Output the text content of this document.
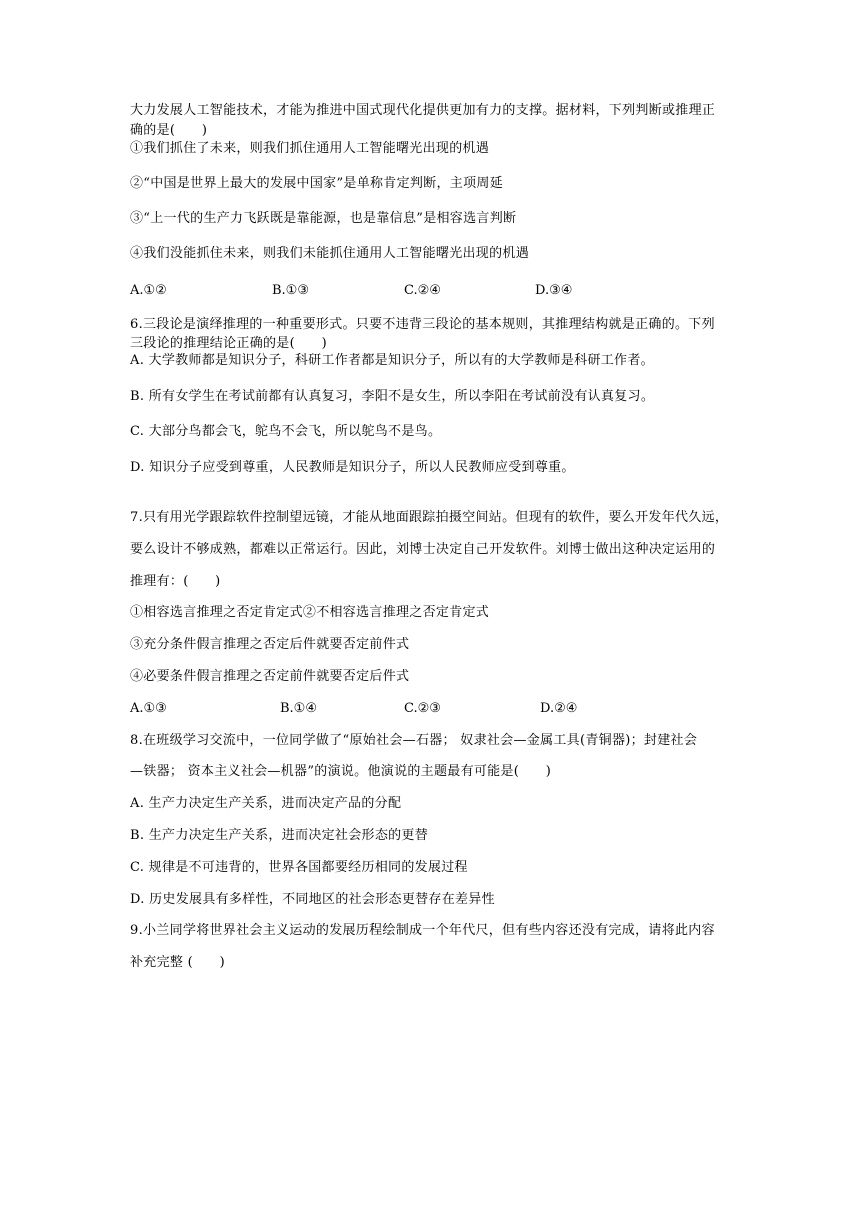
大力发展人工智能技术，才能为推进中国式现代化提供更加有力的支撑。据材料，下列判断或推理正
确的是(　　)
①我们抓住了未来，则我们抓住通用人工智能曙光出现的机遇
②“中国是世界上最大的发展中国家”是单称肯定判断，主项周延
③“上一代的生产力飞跃既是靠能源，也是靠信息”是相容选言判断
④我们没能抓住未来，则我们未能抓住通用人工智能曙光出现的机遇
A.①②	B.①③	C.②④	D.③④
6.三段论是演绎推理的一种重要形式。只要不违背三段论的基本规则，其推理结构就是正确的。下列
三段论的推理结论正确的是(　　)
A. 大学教师都是知识分子，科研工作者都是知识分子，所以有的大学教师是科研工作者。
B. 所有女学生在考试前都有认真复习，李阳不是女生，所以李阳在考试前没有认真复习。
C. 大部分鸟都会飞，鸵鸟不会飞，所以鸵鸟不是鸟。
D. 知识分子应受到尊重，人民教师是知识分子，所以人民教师应受到尊重。
7.只有用光学跟踪软件控制望远镜，才能从地面跟踪拍摄空间站。但现有的软件，要么开发年代久远，
要么设计不够成熟，都难以正常运行。因此，刘博士决定自己开发软件。刘博士做出这种决定运用的
推理有：(　　)
①相容选言推理之否定肯定式②不相容选言推理之否定肯定式
③充分条件假言推理之否定后件就要否定前件式
④必要条件假言推理之否定前件就要否定后件式
A.①③	B.①④	C.②③	D.②④
8.在班级学习交流中，一位同学做了“原始社会—石器； 奴隶社会—金属工具(青铜器)；封建社会
—铁器； 资本主义社会—机器”的演说。他演说的主题最有可能是(　　)
A. 生产力决定生产关系，进而决定产品的分配
B. 生产力决定生产关系，进而决定社会形态的更替
C. 规律是不可违背的，世界各国都要经历相同的发展过程
D. 历史发展具有多样性，不同地区的社会形态更替存在差异性
9.小兰同学将世界社会主义运动的发展历程绘制成一个年代尺，但有些内容还没有完成，请将此内容
补充完整 (　　)
